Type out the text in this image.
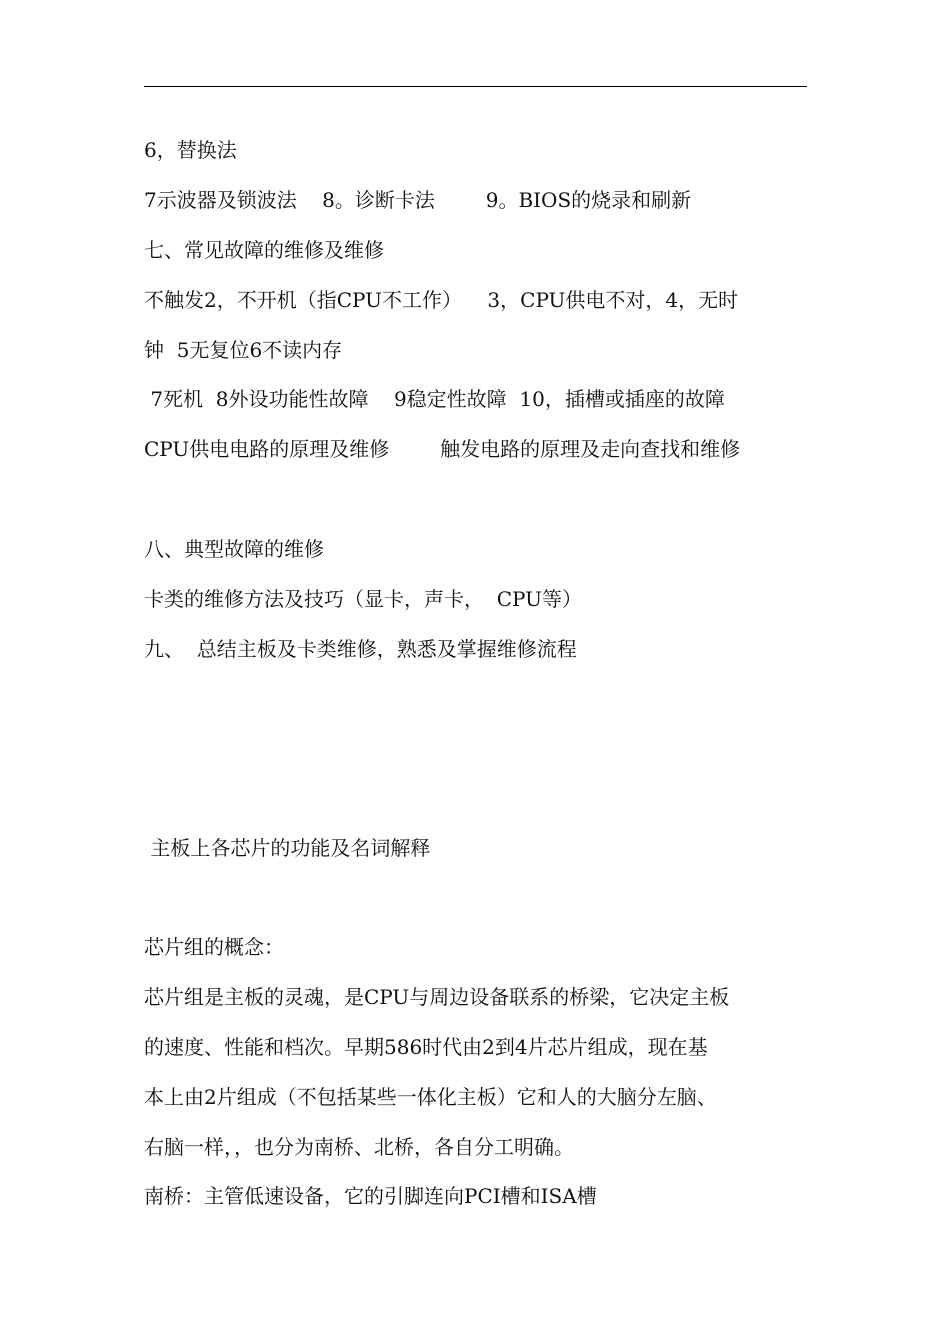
6，替换法
7示波器及锁波法    8。诊断卡法        9。BIOS的烧录和刷新
七、常见故障的维修及维修
不触发2，不开机（指CPU不工作）    3，CPU供电不对，4，无时
钟  5无复位6不读内存
7死机  8外设功能性故障    9稳定性故障  10，插槽或插座的故障
CPU供电电路的原理及维修        触发电路的原理及走向查找和维修
八、典型故障的维修
卡类的维修方法及技巧（显卡，声卡，  CPU等）
九、  总结主板及卡类维修，熟悉及掌握维修流程
主板上各芯片的功能及名词解释
芯片组的概念：
芯片组是主板的灵魂，是CPU与周边设备联系的桥梁，它决定主板
的速度、性能和档次。早期586时代由2到4片芯片组成，现在基
本上由2片组成（不包括某些一体化主板）它和人的大脑分左脑、
右脑一样，，也分为南桥、北桥，各自分工明确。
南桥：主管低速设备，它的引脚连向PCI槽和ISA槽
